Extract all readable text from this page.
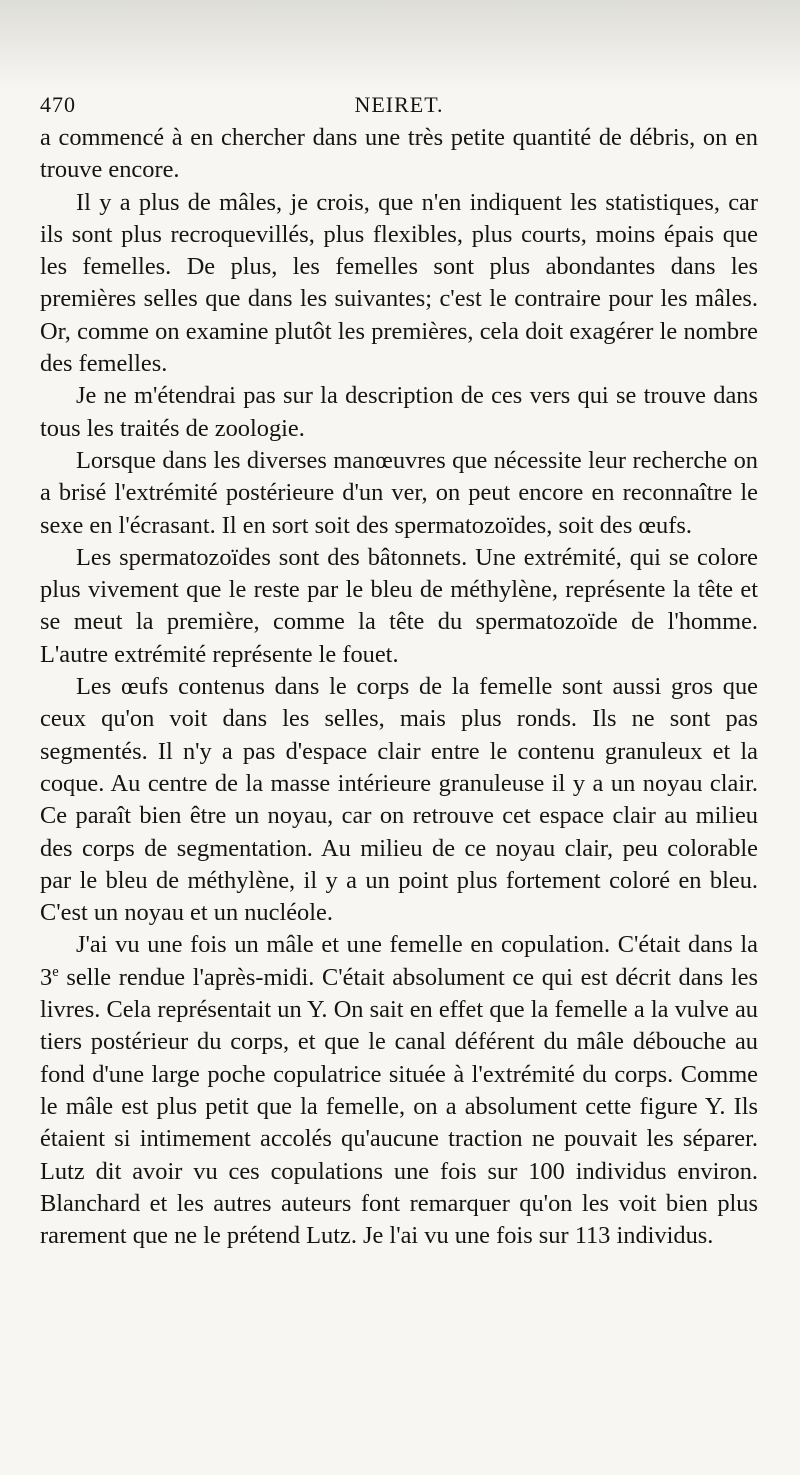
470	NEIRET.

a commencé à en chercher dans une très petite quantité de débris, on en trouve encore.

Il y a plus de mâles, je crois, que n'en indiquent les statistiques, car ils sont plus recroquevillés, plus flexibles, plus courts, moins épais que les femelles. De plus, les femelles sont plus abondantes dans les premières selles que dans les suivantes; c'est le contraire pour les mâles. Or, comme on examine plutôt les premières, cela doit exagérer le nombre des femelles.

Je ne m'étendrai pas sur la description de ces vers qui se trouve dans tous les traités de zoologie.

Lorsque dans les diverses manœuvres que nécessite leur recherche on a brisé l'extrémité postérieure d'un ver, on peut encore en reconnaître le sexe en l'écrasant. Il en sort soit des spermatozoïdes, soit des œufs.

Les spermatozoïdes sont des bâtonnets. Une extrémité, qui se colore plus vivement que le reste par le bleu de méthylène, représente la tête et se meut la première, comme la tête du spermatozoïde de l'homme. L'autre extrémité représente le fouet.

Les œufs contenus dans le corps de la femelle sont aussi gros que ceux qu'on voit dans les selles, mais plus ronds. Ils ne sont pas segmentés. Il n'y a pas d'espace clair entre le contenu granuleux et la coque. Au centre de la masse intérieure granuleuse il y a un noyau clair. Ce paraît bien être un noyau, car on retrouve cet espace clair au milieu des corps de segmentation. Au milieu de ce noyau clair, peu colorable par le bleu de méthylène, il y a un point plus fortement coloré en bleu. C'est un noyau et un nucléole.

J'ai vu une fois un mâle et une femelle en copulation. C'était dans la 3e selle rendue l'après-midi. C'était absolument ce qui est décrit dans les livres. Cela représentait un Y. On sait en effet que la femelle a la vulve au tiers postérieur du corps, et que le canal déférent du mâle débouche au fond d'une large poche copulatrice située à l'extrémité du corps. Comme le mâle est plus petit que la femelle, on a absolument cette figure Y. Ils étaient si intimement accolés qu'aucune traction ne pouvait les séparer. Lutz dit avoir vu ces copulations une fois sur 100 individus environ. Blanchard et les autres auteurs font remarquer qu'on les voit bien plus rarement que ne le prétend Lutz. Je l'ai vu une fois sur 113 individus.
